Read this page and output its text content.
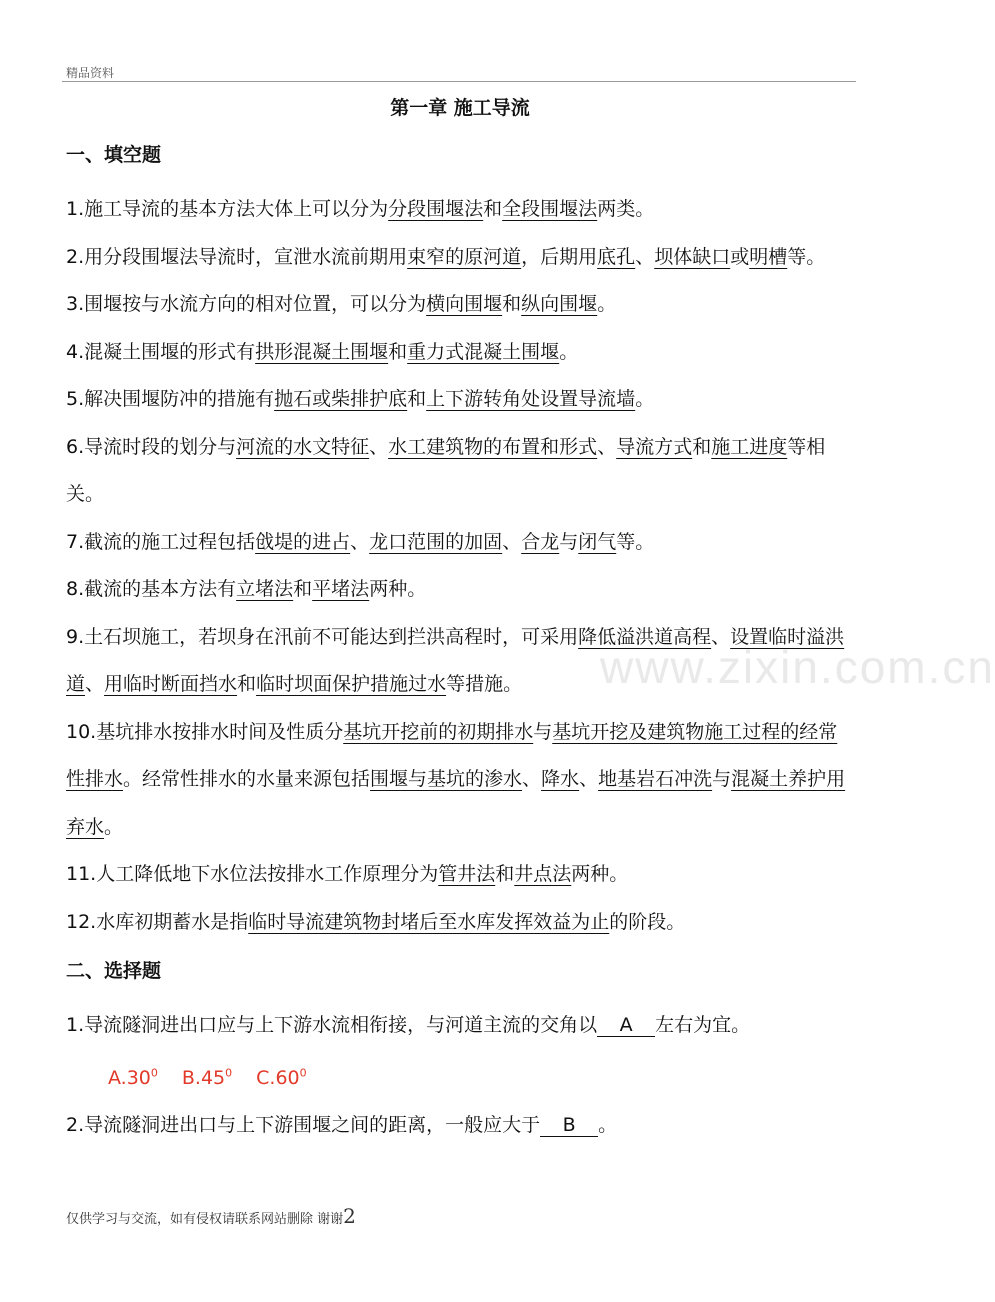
精品资料
www.zixin.com.cn
第一章 施工导流
一、填空题
1.施工导流的基本方法大体上可以分为分段围堰法和全段围堰法两类。
2.用分段围堰法导流时，宣泄水流前期用束窄的原河道，后期用底孔、坝体缺口或明槽等。
3.围堰按与水流方向的相对位置，可以分为横向围堰和纵向围堰。
4.混凝土围堰的形式有拱形混凝土围堰和重力式混凝土围堰。
5.解决围堰防冲的措施有抛石或柴排护底和上下游转角处设置导流墙。
6.导流时段的划分与河流的水文特征、水工建筑物的布置和形式、导流方式和施工进度等相关。
7.截流的施工过程包括戗堤的进占、龙口范围的加固、合龙与闭气等。
8.截流的基本方法有立堵法和平堵法两种。
9.土石坝施工，若坝身在汛前不可能达到拦洪高程时，可采用降低溢洪道高程、设置临时溢洪道、用临时断面挡水和临时坝面保护措施过水等措施。
10.基坑排水按排水时间及性质分基坑开挖前的初期排水与基坑开挖及建筑物施工过程的经常性排水。经常性排水的水量来源包括围堰与基坑的渗水、降水、地基岩石冲洗与混凝土养护用弃水。
11.人工降低地下水位法按排水工作原理分为管井法和井点法两种。
12.水库初期蓄水是指临时导流建筑物封堵后至水库发挥效益为止的阶段。
二、选择题
1.导流隧洞进出口应与上下游水流相衔接，与河道主流的交角以 A 左右为宜。
$A.30^0$ $B.45^0$ $C.60^0$
2.导流隧洞进出口与上下游围堰之间的距离，一般应大于 B 。
仅供学习与交流，如有侵权请联系网站删除 谢谢2
